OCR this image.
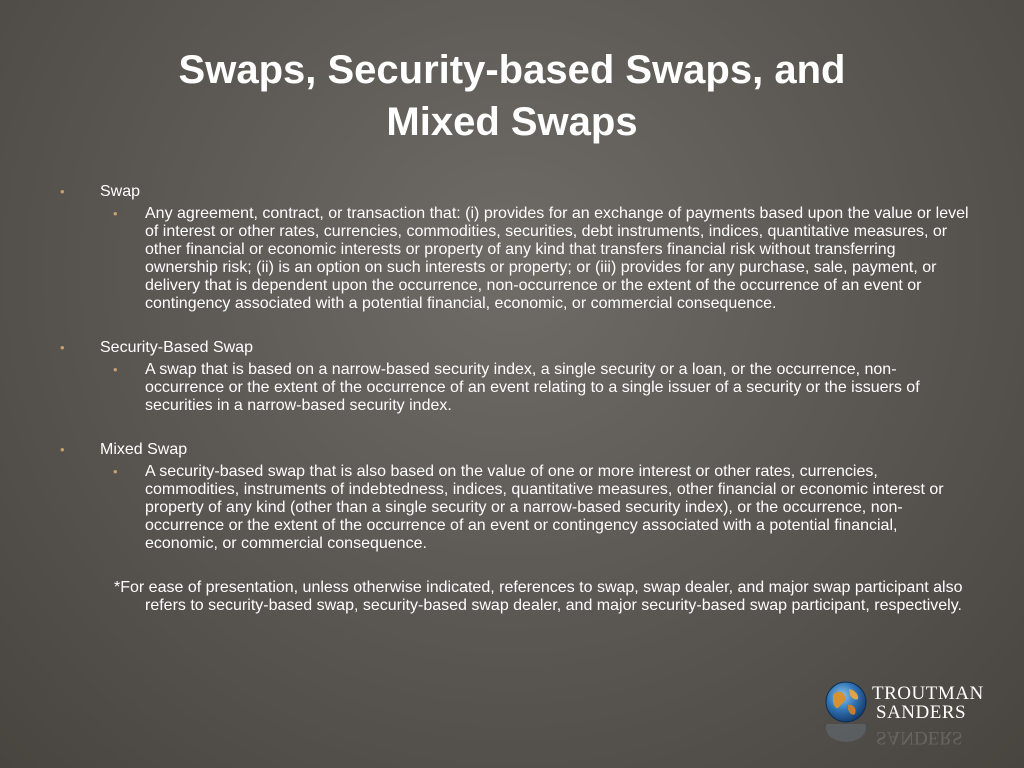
Swaps, Security-based Swaps, and
Mixed Swaps
• Swap
• Any agreement, contract, or transaction that: (i) provides for an exchange of payments based upon the value or level of interest or other rates, currencies, commodities, securities, debt instruments, indices, quantitative measures, or other financial or economic interests or property of any kind that transfers financial risk without transferring ownership risk; (ii) is an option on such interests or property; or (iii) provides for any purchase, sale, payment, or delivery that is dependent upon the occurrence, non-occurrence or the extent of the occurrence of an event or contingency associated with a potential financial, economic, or commercial consequence.
• Security-Based Swap
• A swap that is based on a narrow-based security index, a single security or a loan, or the occurrence, non-occurrence or the extent of the occurrence of an event relating to a single issuer of a security or the issuers of securities in a narrow-based security index.
• Mixed Swap
• A security-based swap that is also based on the value of one or more interest or other rates, currencies, commodities, instruments of indebtedness, indices, quantitative measures, other financial or economic interest or property of any kind (other than a single security or a narrow-based security index), or the occurrence, non-occurrence or the extent of the occurrence of an event or contingency associated with a potential financial, economic, or commercial consequence.
*For ease of presentation, unless otherwise indicated, references to swap, swap dealer, and major swap participant also refers to security-based swap, security-based swap dealer, and major security-based swap participant, respectively.
TROUTMAN
SANDERS
SANDERS
